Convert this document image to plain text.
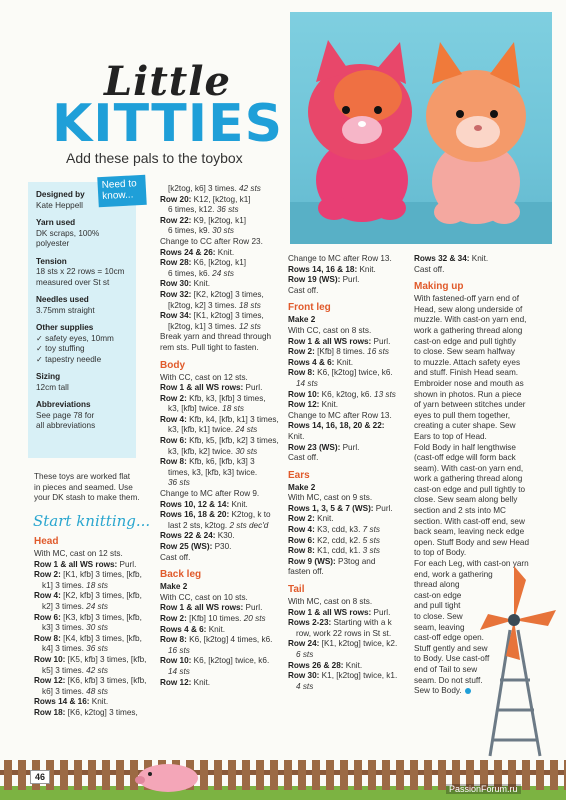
Little
KITTIES
Add these pals to the toybox
Designed by
Kate Heppell
Yarn used
DK scraps, 100% polyester
Tension
18 sts x 22 rows = 10cm
measured over St st
Needles used
3.75mm straight
Other supplies
✓ safety eyes, 10mm
✓ toy stuffing
✓ tapestry needle
Sizing
12cm tall
Abbreviations
See page 78 for
all abbreviations
Need to know...
These toys are worked flat
in pieces and seamed. Use
your DK stash to make them.
Start knitting...
Head
With MC, cast on 12 sts.
Row 1 & all WS rows: Purl.
Row 2: [K1, kfb] 3 times, [kfb,
k1] 3 times. 18 sts
Row 4: [K2, kfb] 3 times, [kfb,
k2] 3 times. 24 sts
Row 6: [K3, kfb] 3 times, [kfb,
k3] 3 times. 30 sts
Row 8: [K4, kfb] 3 times, [kfb,
k4] 3 times. 36 sts
Row 10: [K5, kfb] 3 times, [kfb,
k5] 3 times. 42 sts
Row 12: [K6, kfb] 3 times, [kfb,
k6] 3 times. 48 sts
Rows 14 & 16: Knit.
Row 18: [K6, k2tog] 3 times,
[k2tog, k6] 3 times. 42 sts
Row 20: K12, [k2tog, k1]
6 times, k12. 36 sts
Row 22: K9, [k2tog, k1]
6 times, k9. 30 sts
Change to CC after Row 23.
Rows 24 & 26: Knit.
Row 28: K6, [k2tog, k1]
6 times, k6. 24 sts
Row 30: Knit.
Row 32: [K2, k2tog] 3 times,
[k2tog, k2] 3 times. 18 sts
Row 34: [K1, k2tog] 3 times,
[k2tog, k1] 3 times. 12 sts
Break yarn and thread through
rem sts. Pull tight to fasten.
Body
With CC, cast on 12 sts.
Row 1 & all WS rows: Purl.
Row 2: Kfb, k3, [kfb] 3 times,
k3, [kfb] twice. 18 sts
Row 4: Kfb, k4, [kfb, k1] 3 times,
k3, [kfb, k1] twice. 24 sts
Row 6: Kfb, k5, [kfb, k2] 3 times,
k3, [kfb, k2] twice. 30 sts
Row 8: Kfb, k6, [kfb, k3] 3
times, k3, [kfb, k3] twice.
36 sts
Change to MC after Row 9.
Rows 10, 12 & 14: Knit.
Rows 16, 18 & 20: K2tog, k to
last 2 sts, k2tog. 2 sts dec'd
Rows 22 & 24: K30.
Row 25 (WS): P30.
Cast off.
Back leg
Make 2
With CC, cast on 10 sts.
Row 1 & all WS rows: Purl.
Row 2: [Kfb] 10 times. 20 sts
Rows 4 & 6: Knit.
Row 8: K6, [k2tog] 4 times, k6.
16 sts
Row 10: K6, [k2tog] twice, k6.
14 sts
Row 12: Knit.
Change to MC after Row 13.
Rows 14, 16 & 18: Knit.
Row 19 (WS): Purl.
Cast off.
Front leg
Make 2
With CC, cast on 8 sts.
Row 1 & all WS rows: Purl.
Row 2: [Kfb] 8 times. 16 sts
Rows 4 & 6: Knit.
Row 8: K6, [k2tog] twice, k6.
14 sts
Row 10: K6, k2tog, k6. 13 sts
Row 12: Knit.
Change to MC after Row 13.
Rows 14, 16, 18, 20 & 22:
Knit.
Row 23 (WS): Purl.
Cast off.
Ears
Make 2
With MC, cast on 9 sts.
Rows 1, 3, 5 & 7 (WS): Purl.
Row 2: Knit.
Row 4: K3, cdd, k3. 7 sts
Row 6: K2, cdd, k2. 5 sts
Row 8: K1, cdd, k1. 3 sts
Row 9 (WS): P3tog and
fasten off.
Tail
With MC, cast on 8 sts.
Row 1 & all WS rows: Purl.
Rows 2-23: Starting with a k
row, work 22 rows in St st.
Row 24: [K1, k2tog] twice, k2.
6 sts
Rows 26 & 28: Knit.
Row 30: K1, [k2tog] twice, k1.
4 sts
Rows 32 & 34: Knit.
Cast off.
Making up
With fastened-off yarn end of
Head, sew along underside of
muzzle. With cast-on yarn end,
work a gathering thread along
cast-on edge and pull tightly
to close. Sew seam halfway
to muzzle. Attach safety eyes
and stuff. Finish Head seam.
Embroider nose and mouth as
shown in photos. Run a piece
of yarn between stitches under
eyes to pull them together,
creating a cuter shape. Sew
Ears to top of Head.
Fold Body in half lengthwise
(cast-off edge will form back
seam). With cast-on yarn end,
work a gathering thread along
cast-on edge and pull tightly to
close. Sew seam along belly
section and 2 sts into MC
section. With cast-off end, sew
back seam, leaving neck edge
open. Stuff Body and sew Head
to top of Body.
For each Leg, with cast-on yarn
end, work a gathering
thread along
cast-on edge
and pull tight
to close. Sew
seam, leaving
cast-off edge open.
Stuff gently and sew
to Body. Use cast-off
end of Tail to sew
seam. Do not stuff.
Sew to Body.
46
PassionForum.ru
